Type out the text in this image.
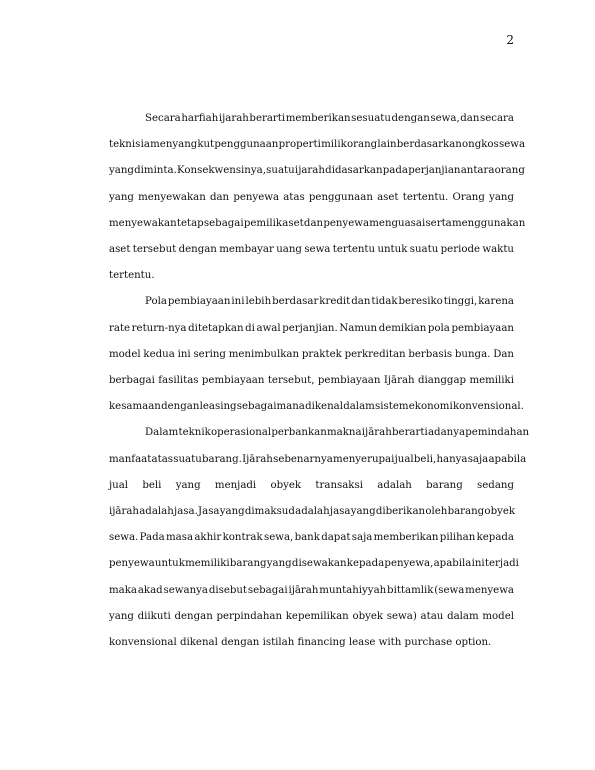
2
Secara harfiah ijarah berarti memberikan sesuatu dengan sewa, dan secara
teknis ia menyangkut penggunaan properti milik orang lain berdasarkan ongkos sewa
yang diminta. Konsekwensinya, suatu ijarah didasarkan pada perjanjian antara orang
yang menyewakan dan penyewa atas penggunaan aset tertentu. Orang yang
menyewakan tetap sebagai pemilik aset dan penyewa menguasai serta menggunakan
aset tersebut dengan membayar uang sewa tertentu untuk suatu periode waktu
tertentu.
Pola pembiayaan ini lebih berdasar kredit dan tidak beresiko tinggi, karena
rate return-nya ditetapkan di awal perjanjian. Namun demikian pola pembiayaan
model kedua ini sering menimbulkan praktek perkreditan berbasis bunga. Dan
berbagai fasilitas pembiayaan tersebut, pembiayaan Ijārah dianggap memiliki
kesamaan dengan leasing sebagaimana dikenal dalam sistem ekonomi konvensional.
Dalam teknik operasional perbankan makna ijārah berarti adanya pemindahan
manfaat atas suatu barang. Ijārah sebenarnya menyerupai jual beli, hanya saja apabila
jual beli yang menjadi obyek transaksi adalah barang sedang
ijārah adalah jasa. Jasa yang dimaksud adalah jasa yang diberikan oleh barang obyek
sewa. Pada masa akhir kontrak sewa, bank dapat saja memberikan pilihan kepada
penyewa untuk memiliki barang yang disewakan kepada penyewa, apabila ini terjadi
maka akad sewanya disebut sebagai ijārah muntahiyyah bittamlik (sewa menyewa
yang diikuti dengan perpindahan kepemilikan obyek sewa) atau dalam model
konvensional dikenal dengan istilah financing lease with purchase option.
